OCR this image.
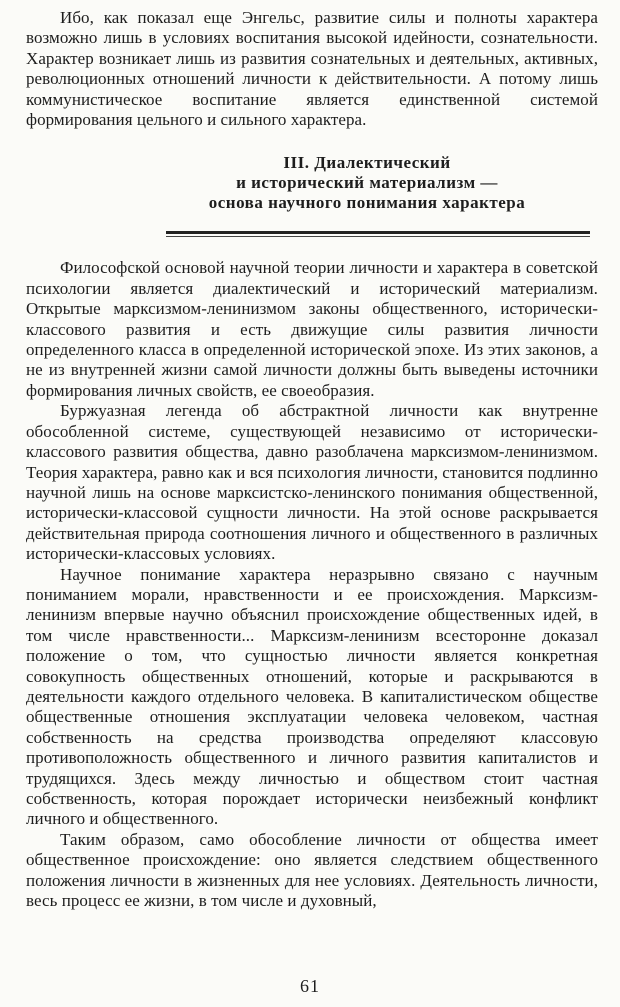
Ибо, как показал еще Энгельс, развитие силы и полноты характера возможно лишь в условиях воспитания высокой идейности, сознательности. Характер возникает лишь из развития сознательных и деятельных, активных, революционных отношений личности к действительности. А потому лишь коммунистическое воспитание является единственной системой формирования цельного и сильного характера.

III. Диалектический
и исторический материализм —
основа научного понимания характера

Философской основой научной теории личности и характера в советской психологии является диалектический и исторический материализм. Открытые марксизмом-ленинизмом законы общественного, исторически-классового развития и есть движущие силы развития личности определенного класса в определенной исторической эпохе. Из этих законов, а не из внутренней жизни самой личности должны быть выведены источники формирования личных свойств, ее своеобразия.

Буржуазная легенда об абстрактной личности как внутренне обособленной системе, существующей независимо от исторически-классового развития общества, давно разоблачена марксизмом-ленинизмом. Теория характера, равно как и вся психология личности, становится подлинно научной лишь на основе марксистско-ленинского понимания общественной, исторически-классовой сущности личности. На этой основе раскрывается действительная природа соотношения личного и общественного в различных исторически-классовых условиях.

Научное понимание характера неразрывно связано с научным пониманием морали, нравственности и ее происхождения. Марксизм-ленинизм впервые научно объяснил происхождение общественных идей, в том числе нравственности... Марксизм-ленинизм всесторонне доказал положение о том, что сущностью личности является конкретная совокупность общественных отношений, которые и раскрываются в деятельности каждого отдельного человека. В капиталистическом обществе общественные отношения эксплуатации человека человеком, частная собственность на средства производства определяют классовую противоположность общественного и личного развития капиталистов и трудящихся. Здесь между личностью и обществом стоит частная собственность, которая порождает исторически неизбежный конфликт личного и общественного.

Таким образом, само обособление личности от общества имеет общественное происхождение: оно является следствием общественного положения личности в жизненных для нее условиях. Деятельность личности, весь процесс ее жизни, в том числе и духовный,

61
